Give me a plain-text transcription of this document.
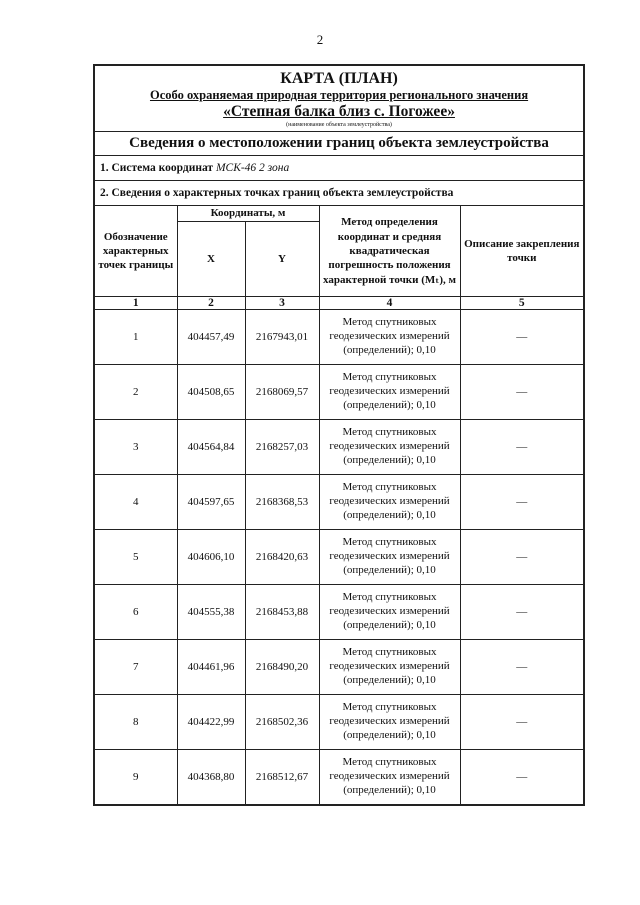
2
КАРТА (ПЛАН)
Особо охраняемая природная территория регионального значения
«Степная балка близ с. Погожее»
(наименование объекта землеустройства)				

Сведения о местоположении границ объекта землеустройства				
1. Система координат МСК-46 2 зона				
2. Сведения о характерных точках границ объекта землеустройства				
Обозначение характерных точек границы	Координаты, м		Метод определения координат и средняя квадратическая погрешность положения характерной точки (Mₜ), м	Описание закрепления точки
	X	Y		
1	2	3	4	5
1	404457,49	2167943,01	Метод спутниковых геодезических измерений (определений); 0,10	—
2	404508,65	2168069,57	Метод спутниковых геодезических измерений (определений); 0,10	—
3	404564,84	2168257,03	Метод спутниковых геодезических измерений (определений); 0,10	—
4	404597,65	2168368,53	Метод спутниковых геодезических измерений (определений); 0,10	—
5	404606,10	2168420,63	Метод спутниковых геодезических измерений (определений); 0,10	—
6	404555,38	2168453,88	Метод спутниковых геодезических измерений (определений); 0,10	—
7	404461,96	2168490,20	Метод спутниковых геодезических измерений (определений); 0,10	—
8	404422,99	2168502,36	Метод спутниковых геодезических измерений (определений); 0,10	—
9	404368,80	2168512,67	Метод спутниковых геодезических измерений (определений); 0,10	—
